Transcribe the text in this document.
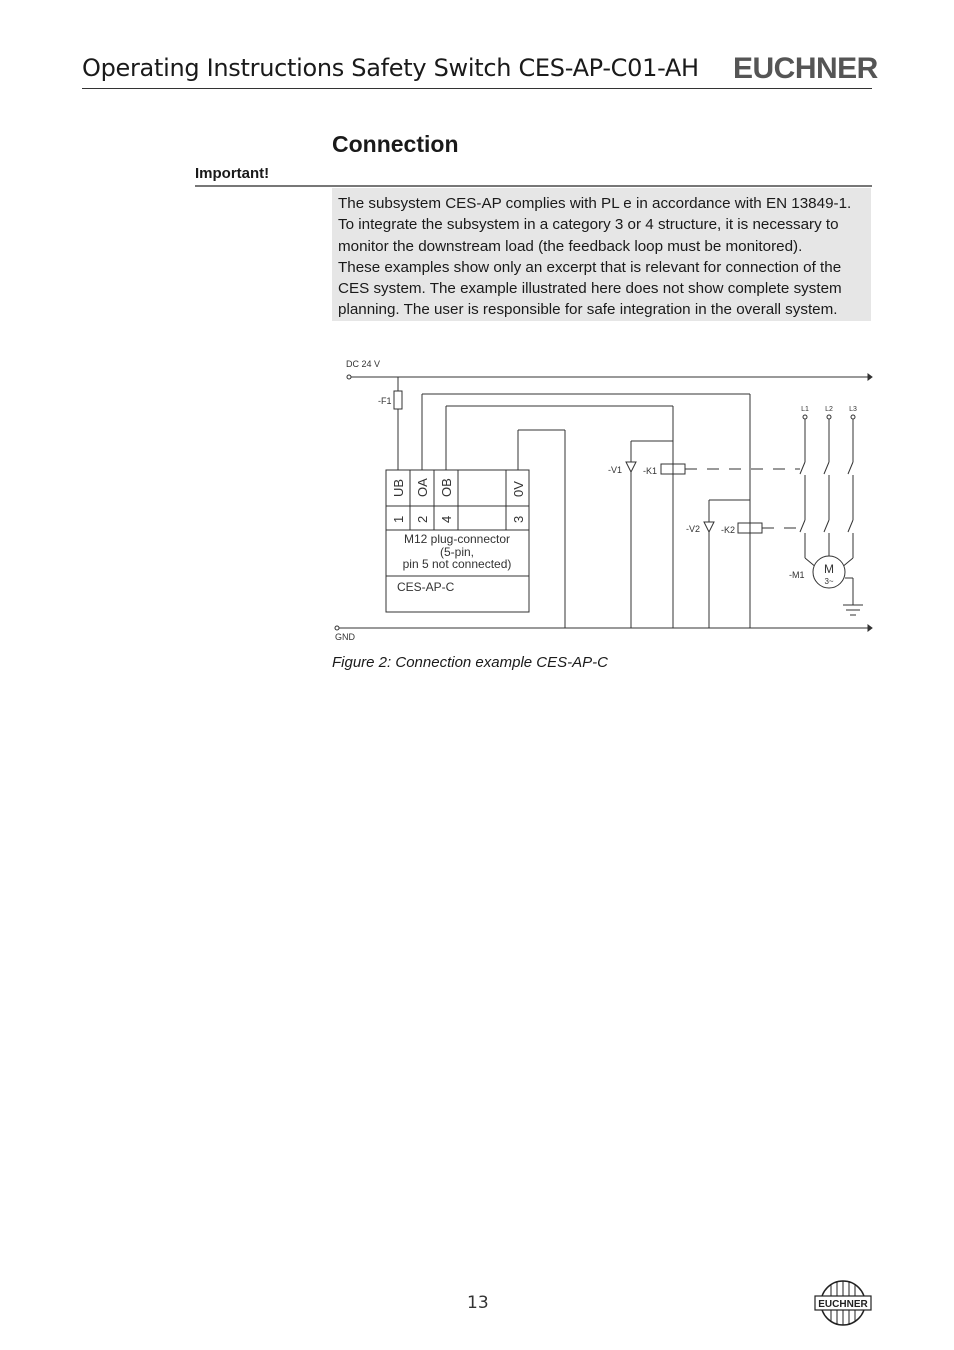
Operating Instructions Safety Switch CES-AP-C01-AH EUCHNER
Connection
Important!

The subsystem CES-AP complies with PL e in accordance with EN 13849-1. To integrate the subsystem in a category 3 or 4 structure, it is necessary to monitor the downstream load (the feedback loop must be monitored).

These examples show only an excerpt that is relevant for connection of the CES system. The example illustrated here does not show complete system planning. The user is responsible for safe integration in the overall system.

DC 24 V
GND
-F1
UB OA OB	0V
1 2 4	3
M12 plug-connector
(5-pin,
pin 5 not connected)
CES-AP-C
-V1 -K1
-V2 -K2
-M1
L1 L2 L3
M
3~
Figure 2: Connection example CES-AP-C
13	EUCHNER
